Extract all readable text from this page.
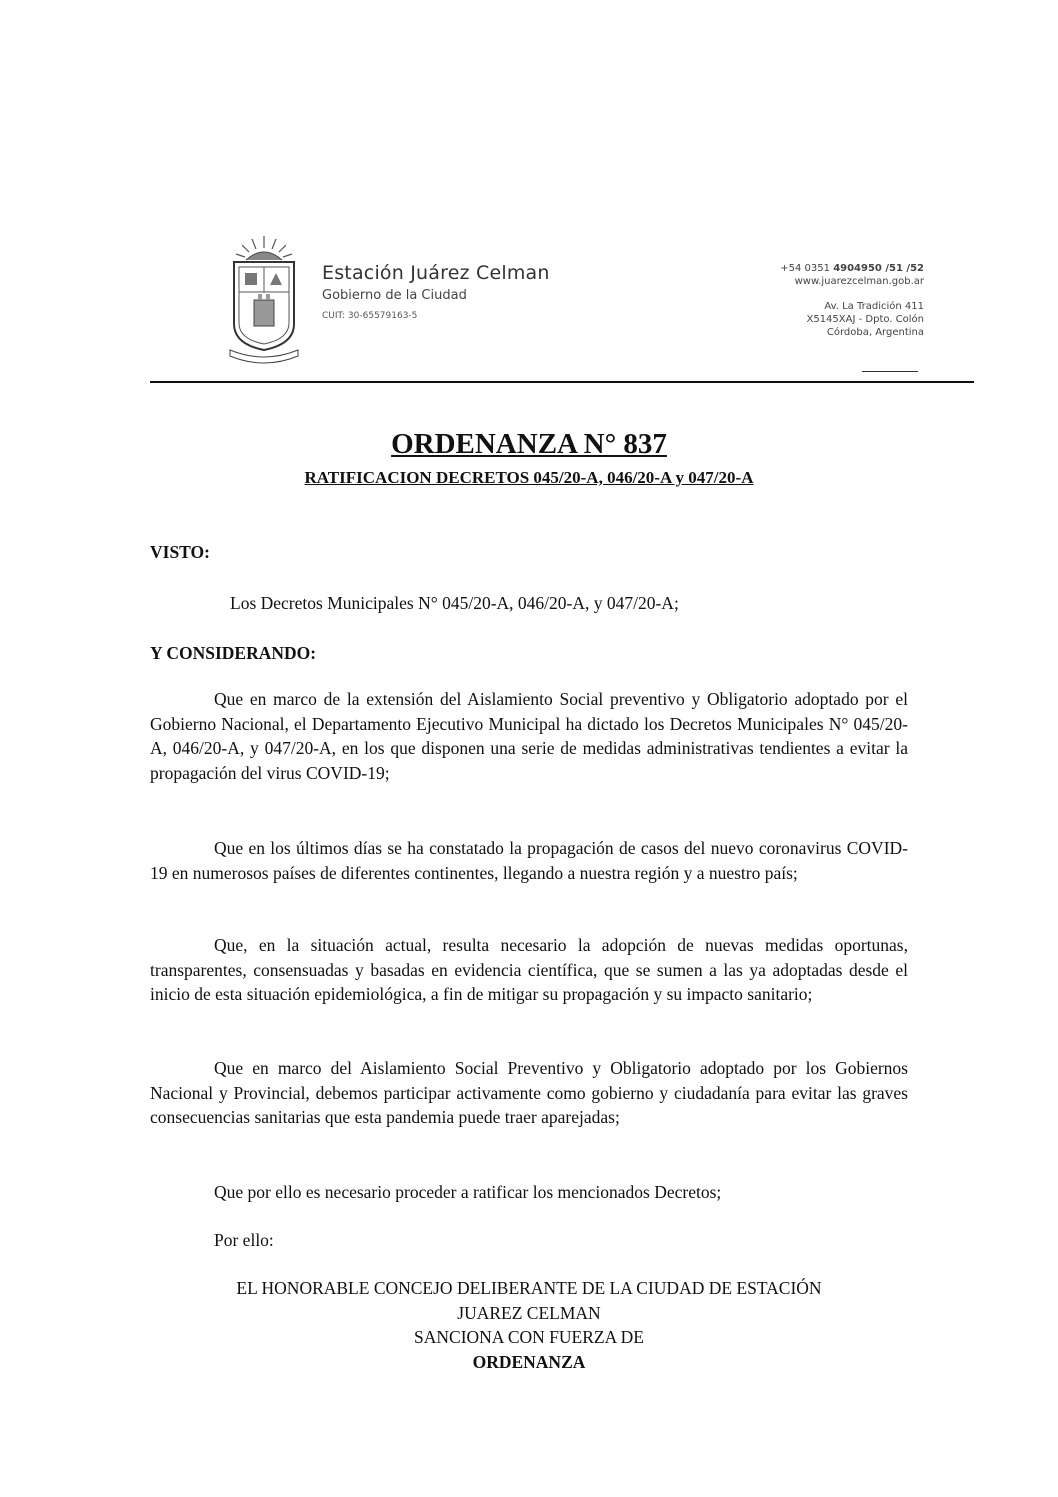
Estación Juárez Celman
Gobierno de la Ciudad
CUIT: 30-65579163-5
+54 0351 4904950 /51 /52
www.juarezcelman.gob.ar
Av. La Tradición 411
X5145XAJ - Dpto. Colón
Córdoba, Argentina
ORDENANZA N° 837
RATIFICACION DECRETOS 045/20-A, 046/20-A y 047/20-A
VISTO:
Los Decretos Municipales N° 045/20-A, 046/20-A, y 047/20-A;
Y CONSIDERANDO:

Que en marco de la extensión del Aislamiento Social preventivo y Obligatorio adoptado por el Gobierno Nacional, el Departamento Ejecutivo Municipal ha dictado los Decretos Municipales N° 045/20-A, 046/20-A, y 047/20-A, en los que disponen una serie de medidas administrativas tendientes a evitar la propagación del virus COVID-19;

Que en los últimos días se ha constatado la propagación de casos del nuevo coronavirus COVID-19 en numerosos países de diferentes continentes, llegando a nuestra región y a nuestro país;

Que, en la situación actual, resulta necesario la adopción de nuevas medidas oportunas, transparentes, consensuadas y basadas en evidencia científica, que se sumen a las ya adoptadas desde el inicio de esta situación epidemiológica, a fin de mitigar su propagación y su impacto sanitario;

Que en marco del Aislamiento Social Preventivo y Obligatorio adoptado por los Gobiernos Nacional y Provincial, debemos participar activamente como gobierno y ciudadanía para evitar las graves consecuencias sanitarias que esta pandemia puede traer aparejadas;

Que por ello es necesario proceder a ratificar los mencionados Decretos;

Por ello:

EL HONORABLE CONCEJO DELIBERANTE DE LA CIUDAD DE ESTACIÓN
JUAREZ CELMAN
SANCIONA CON FUERZA DE
ORDENANZA
